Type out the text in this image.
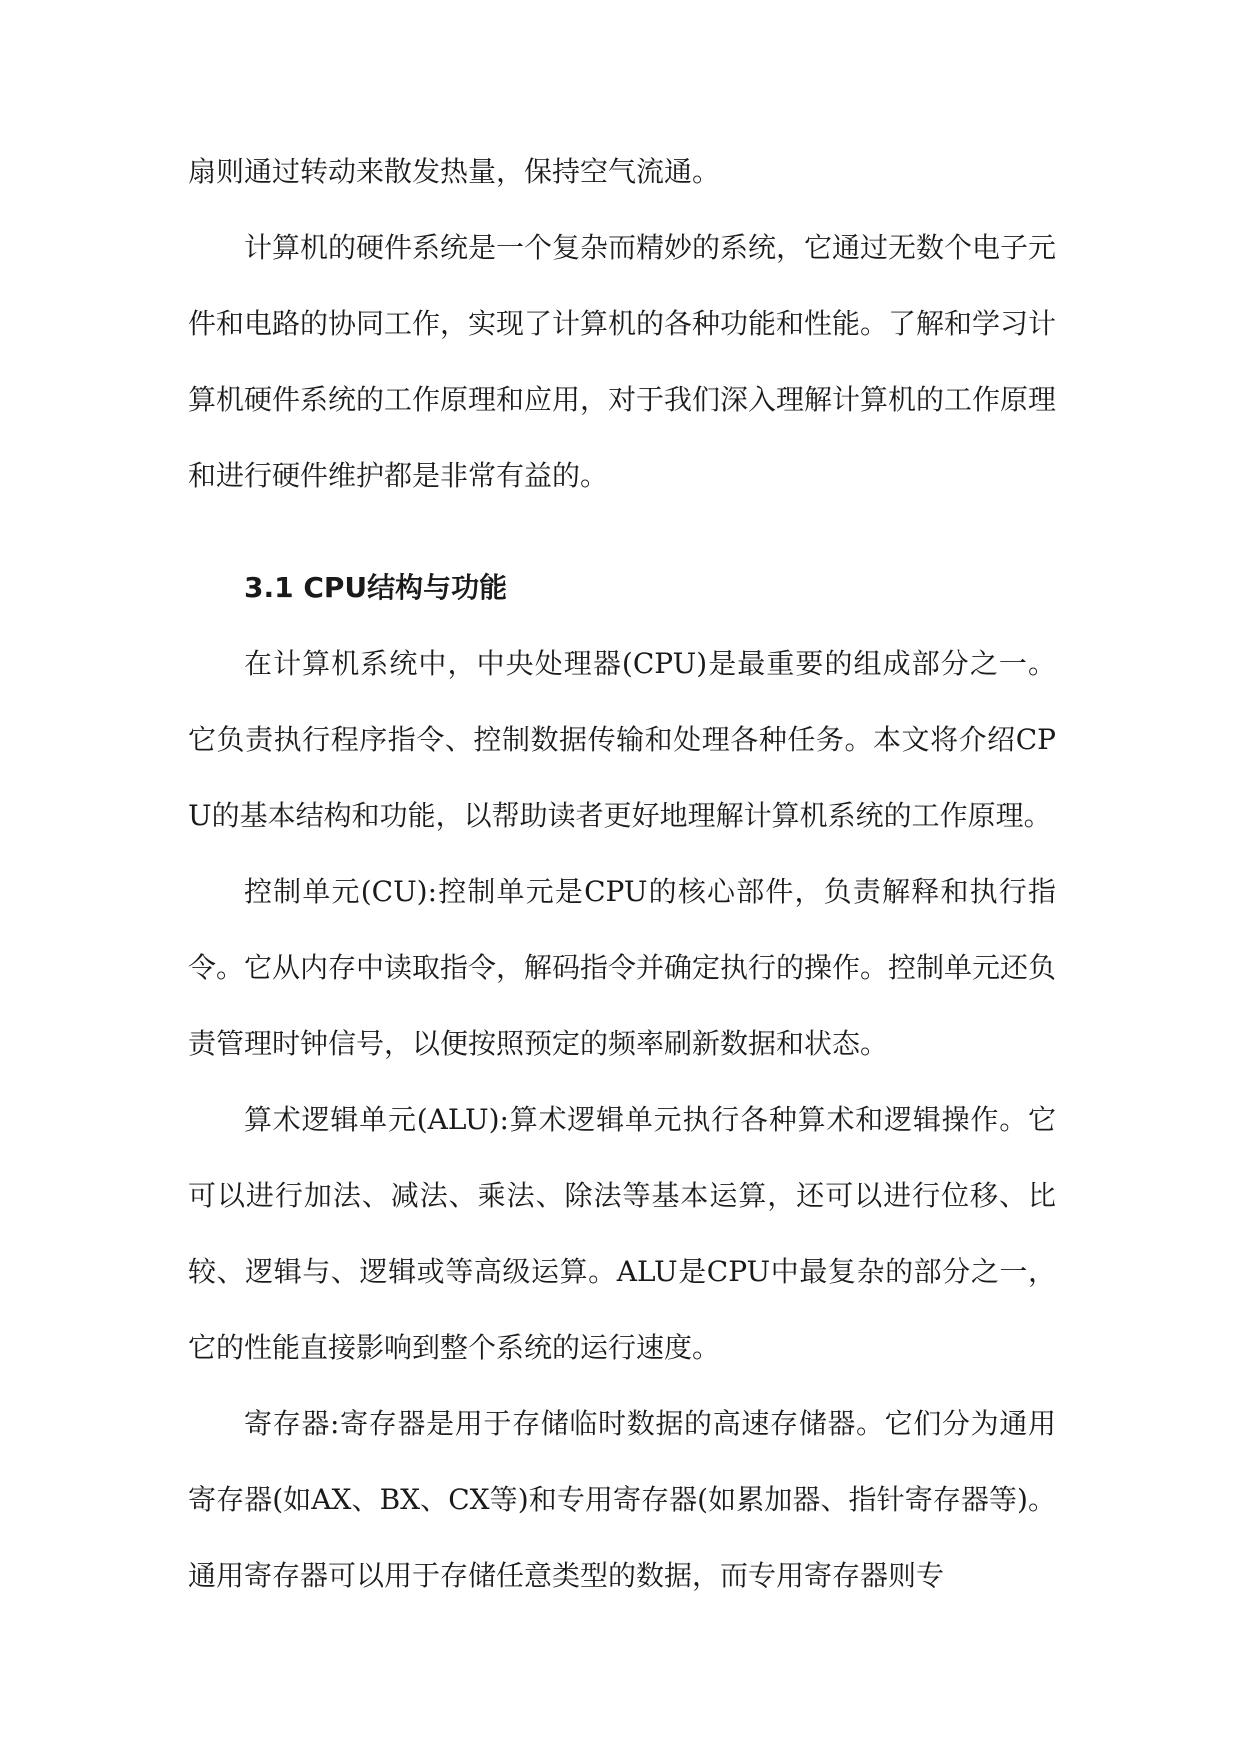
扇则通过转动来散发热量，保持空气流通。

计算机的硬件系统是一个复杂而精妙的系统，它通过无数个电子元件和电路的协同工作，实现了计算机的各种功能和性能。了解和学习计算机硬件系统的工作原理和应用，对于我们深入理解计算机的工作原理和进行硬件维护都是非常有益的。

3.1 CPU结构与功能

在计算机系统中，中央处理器(CPU)是最重要的组成部分之一。它负责执行程序指令、控制数据传输和处理各种任务。本文将介绍CPU的基本结构和功能，以帮助读者更好地理解计算机系统的工作原理。

控制单元(CU):控制单元是CPU的核心部件，负责解释和执行指令。它从内存中读取指令，解码指令并确定执行的操作。控制单元还负责管理时钟信号，以便按照预定的频率刷新数据和状态。

算术逻辑单元(ALU):算术逻辑单元执行各种算术和逻辑操作。它可以进行加法、减法、乘法、除法等基本运算，还可以进行位移、比较、逻辑与、逻辑或等高级运算。ALU是CPU中最复杂的部分之一，它的性能直接影响到整个系统的运行速度。

寄存器:寄存器是用于存储临时数据的高速存储器。它们分为通用寄存器(如AX、BX、CX等)和专用寄存器(如累加器、指针寄存器等)。通用寄存器可以用于存储任意类型的数据，而专用寄存器则专
